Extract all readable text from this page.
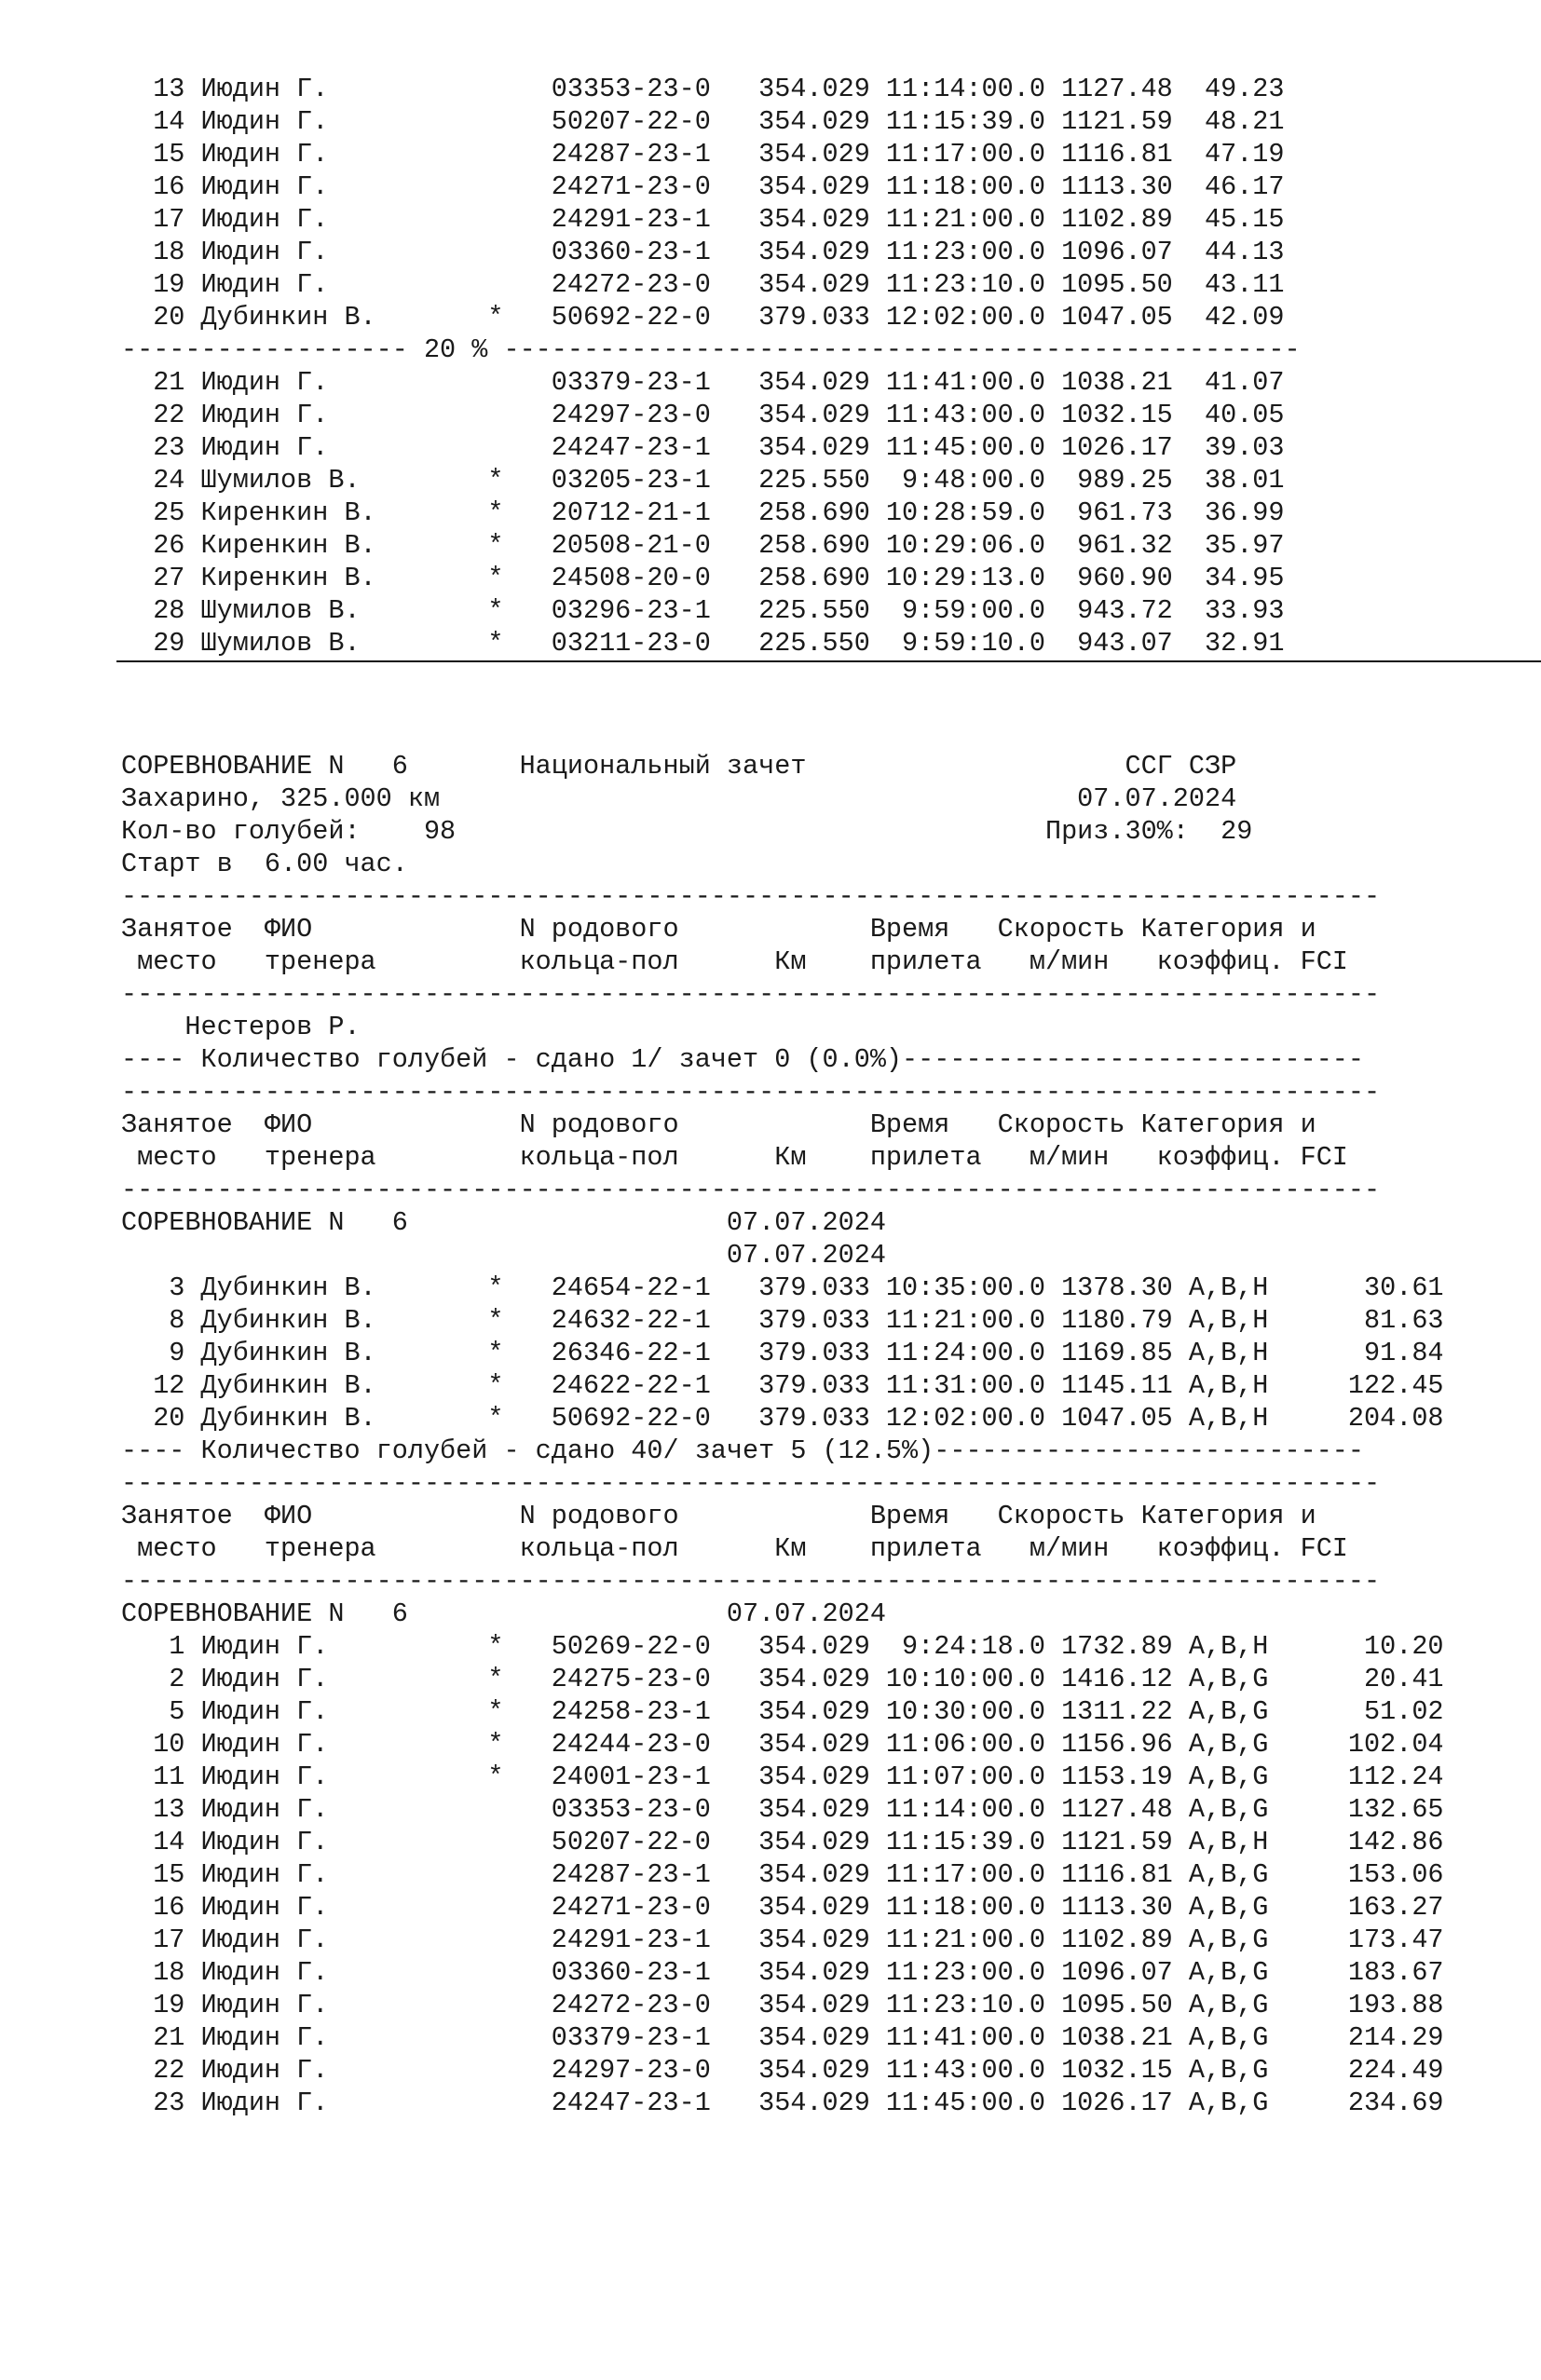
13 Июдин Г.              03353-23-0   354.029 11:14:00.0 1127.48  49.23

14 Июдин Г.              50207-22-0   354.029 11:15:39.0 1121.59  48.21

15 Июдин Г.              24287-23-1   354.029 11:17:00.0 1116.81  47.19

16 Июдин Г.              24271-23-0   354.029 11:18:00.0 1113.30  46.17

17 Июдин Г.              24291-23-1   354.029 11:21:00.0 1102.89  45.15

18 Июдин Г.              03360-23-1   354.029 11:23:00.0 1096.07  44.13

19 Июдин Г.              24272-23-0   354.029 11:23:10.0 1095.50  43.11

20 Дубинкин В.       *   50692-22-0   379.033 12:02:00.0 1047.05  42.09

------------------ 20 % --------------------------------------------------

21 Июдин Г.              03379-23-1   354.029 11:41:00.0 1038.21  41.07

22 Июдин Г.              24297-23-0   354.029 11:43:00.0 1032.15  40.05

23 Июдин Г.              24247-23-1   354.029 11:45:00.0 1026.17  39.03

24 Шумилов В.        *   03205-23-1   225.550  9:48:00.0  989.25  38.01

25 Киренкин В.       *   20712-21-1   258.690 10:28:59.0  961.73  36.99

26 Киренкин В.       *   20508-21-0   258.690 10:29:06.0  961.32  35.97

27 Киренкин В.       *   24508-20-0   258.690 10:29:13.0  960.90  34.95

28 Шумилов В.        *   03296-23-1   225.550  9:59:00.0  943.72  33.93

29 Шумилов В.        *   03211-23-0   225.550  9:59:10.0  943.07  32.91

СОРЕВНОВАНИЕ N   6       Национальный зачет                    ССГ СЗР

Захарино, 325.000 км                                        07.07.2024

Кол-во голубей:    98                                     Приз.30%:  29

Старт в  6.00 час.

-------------------------------------------------------------------------------

Занятое  ФИО             N родового            Время   Скорость Категория и

место   тренера         кольца-пол      Км    прилета   м/мин   коэффиц. FCI

-------------------------------------------------------------------------------

Нестеров Р.

---- Количество голубей - сдано 1/ зачет 0 (0.0%)-----------------------------

-------------------------------------------------------------------------------

Занятое  ФИО             N родового            Время   Скорость Категория и

место   тренера         кольца-пол      Км    прилета   м/мин   коэффиц. FCI

-------------------------------------------------------------------------------

СОРЕВНОВАНИЕ N   6                    07.07.2024

07.07.2024

3 Дубинкин В.       *   24654-22-1   379.033 10:35:00.0 1378.30 A,B,H      30.61

8 Дубинкин В.       *   24632-22-1   379.033 11:21:00.0 1180.79 A,B,H      81.63

9 Дубинкин В.       *   26346-22-1   379.033 11:24:00.0 1169.85 A,B,H      91.84

12 Дубинкин В.       *   24622-22-1   379.033 11:31:00.0 1145.11 A,B,H     122.45

20 Дубинкин В.       *   50692-22-0   379.033 12:02:00.0 1047.05 A,B,H     204.08

---- Количество голубей - сдано 40/ зачет 5 (12.5%)---------------------------

-------------------------------------------------------------------------------

Занятое  ФИО             N родового            Время   Скорость Категория и

место   тренера         кольца-пол      Км    прилета   м/мин   коэффиц. FCI

-------------------------------------------------------------------------------

СОРЕВНОВАНИЕ N   6                    07.07.2024

1 Июдин Г.          *   50269-22-0   354.029  9:24:18.0 1732.89 A,B,H      10.20

2 Июдин Г.          *   24275-23-0   354.029 10:10:00.0 1416.12 A,B,G      20.41

5 Июдин Г.          *   24258-23-1   354.029 10:30:00.0 1311.22 A,B,G      51.02

10 Июдин Г.          *   24244-23-0   354.029 11:06:00.0 1156.96 A,B,G     102.04

11 Июдин Г.          *   24001-23-1   354.029 11:07:00.0 1153.19 A,B,G     112.24

13 Июдин Г.              03353-23-0   354.029 11:14:00.0 1127.48 A,B,G     132.65

14 Июдин Г.              50207-22-0   354.029 11:15:39.0 1121.59 A,B,H     142.86

15 Июдин Г.              24287-23-1   354.029 11:17:00.0 1116.81 A,B,G     153.06

16 Июдин Г.              24271-23-0   354.029 11:18:00.0 1113.30 A,B,G     163.27

17 Июдин Г.              24291-23-1   354.029 11:21:00.0 1102.89 A,B,G     173.47

18 Июдин Г.              03360-23-1   354.029 11:23:00.0 1096.07 A,B,G     183.67

19 Июдин Г.              24272-23-0   354.029 11:23:10.0 1095.50 A,B,G     193.88

21 Июдин Г.              03379-23-1   354.029 11:41:00.0 1038.21 A,B,G     214.29

22 Июдин Г.              24297-23-0   354.029 11:43:00.0 1032.15 A,B,G     224.49

23 Июдин Г.              24247-23-1   354.029 11:45:00.0 1026.17 A,B,G     234.69
